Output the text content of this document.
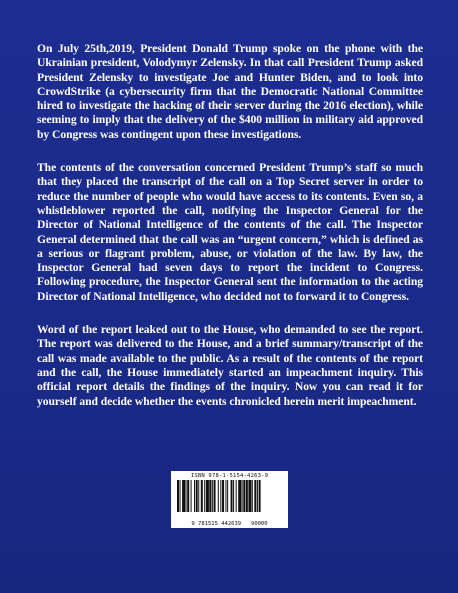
On July 25th,2019, President Donald Trump spoke on the phone with the Ukrainian president, Volodymyr Zelensky. In that call President Trump asked President Zelensky to investigate Joe and Hunter Biden, and to look into CrowdStrike (a cybersecurity firm that the Democratic National Committee hired to investigate the hacking of their server during the 2016 election), while seeming to imply that the delivery of the $400 million in military aid approved by Congress was contingent upon these investigations.

The contents of the conversation concerned President Trump’s staff so much that they placed the transcript of the call on a Top Secret server in order to reduce the number of people who would have access to its contents. Even so, a whistleblower reported the call, notifying the Inspector General for the Director of National Intelligence of the contents of the call. The Inspector General determined that the call was an “urgent concern,” which is defined as a serious or flagrant problem, abuse, or violation of the law. By law, the Inspector General had seven days to report the incident to Congress. Following procedure, the Inspector General sent the information to the acting Director of National Intelligence, who decided not to forward it to Congress.

Word of the report leaked out to the House, who demanded to see the report. The report was delivered to the House, and a brief summary/transcript of the call was made available to the public. As a result of the contents of the report and the call, the House immediately started an impeachment inquiry. This official report details the findings of the inquiry. Now you can read it for yourself and decide whether the events chronicled herein merit impeachment.

ISBN 978-1-5154-4263-9
9 781515 442639 90000
